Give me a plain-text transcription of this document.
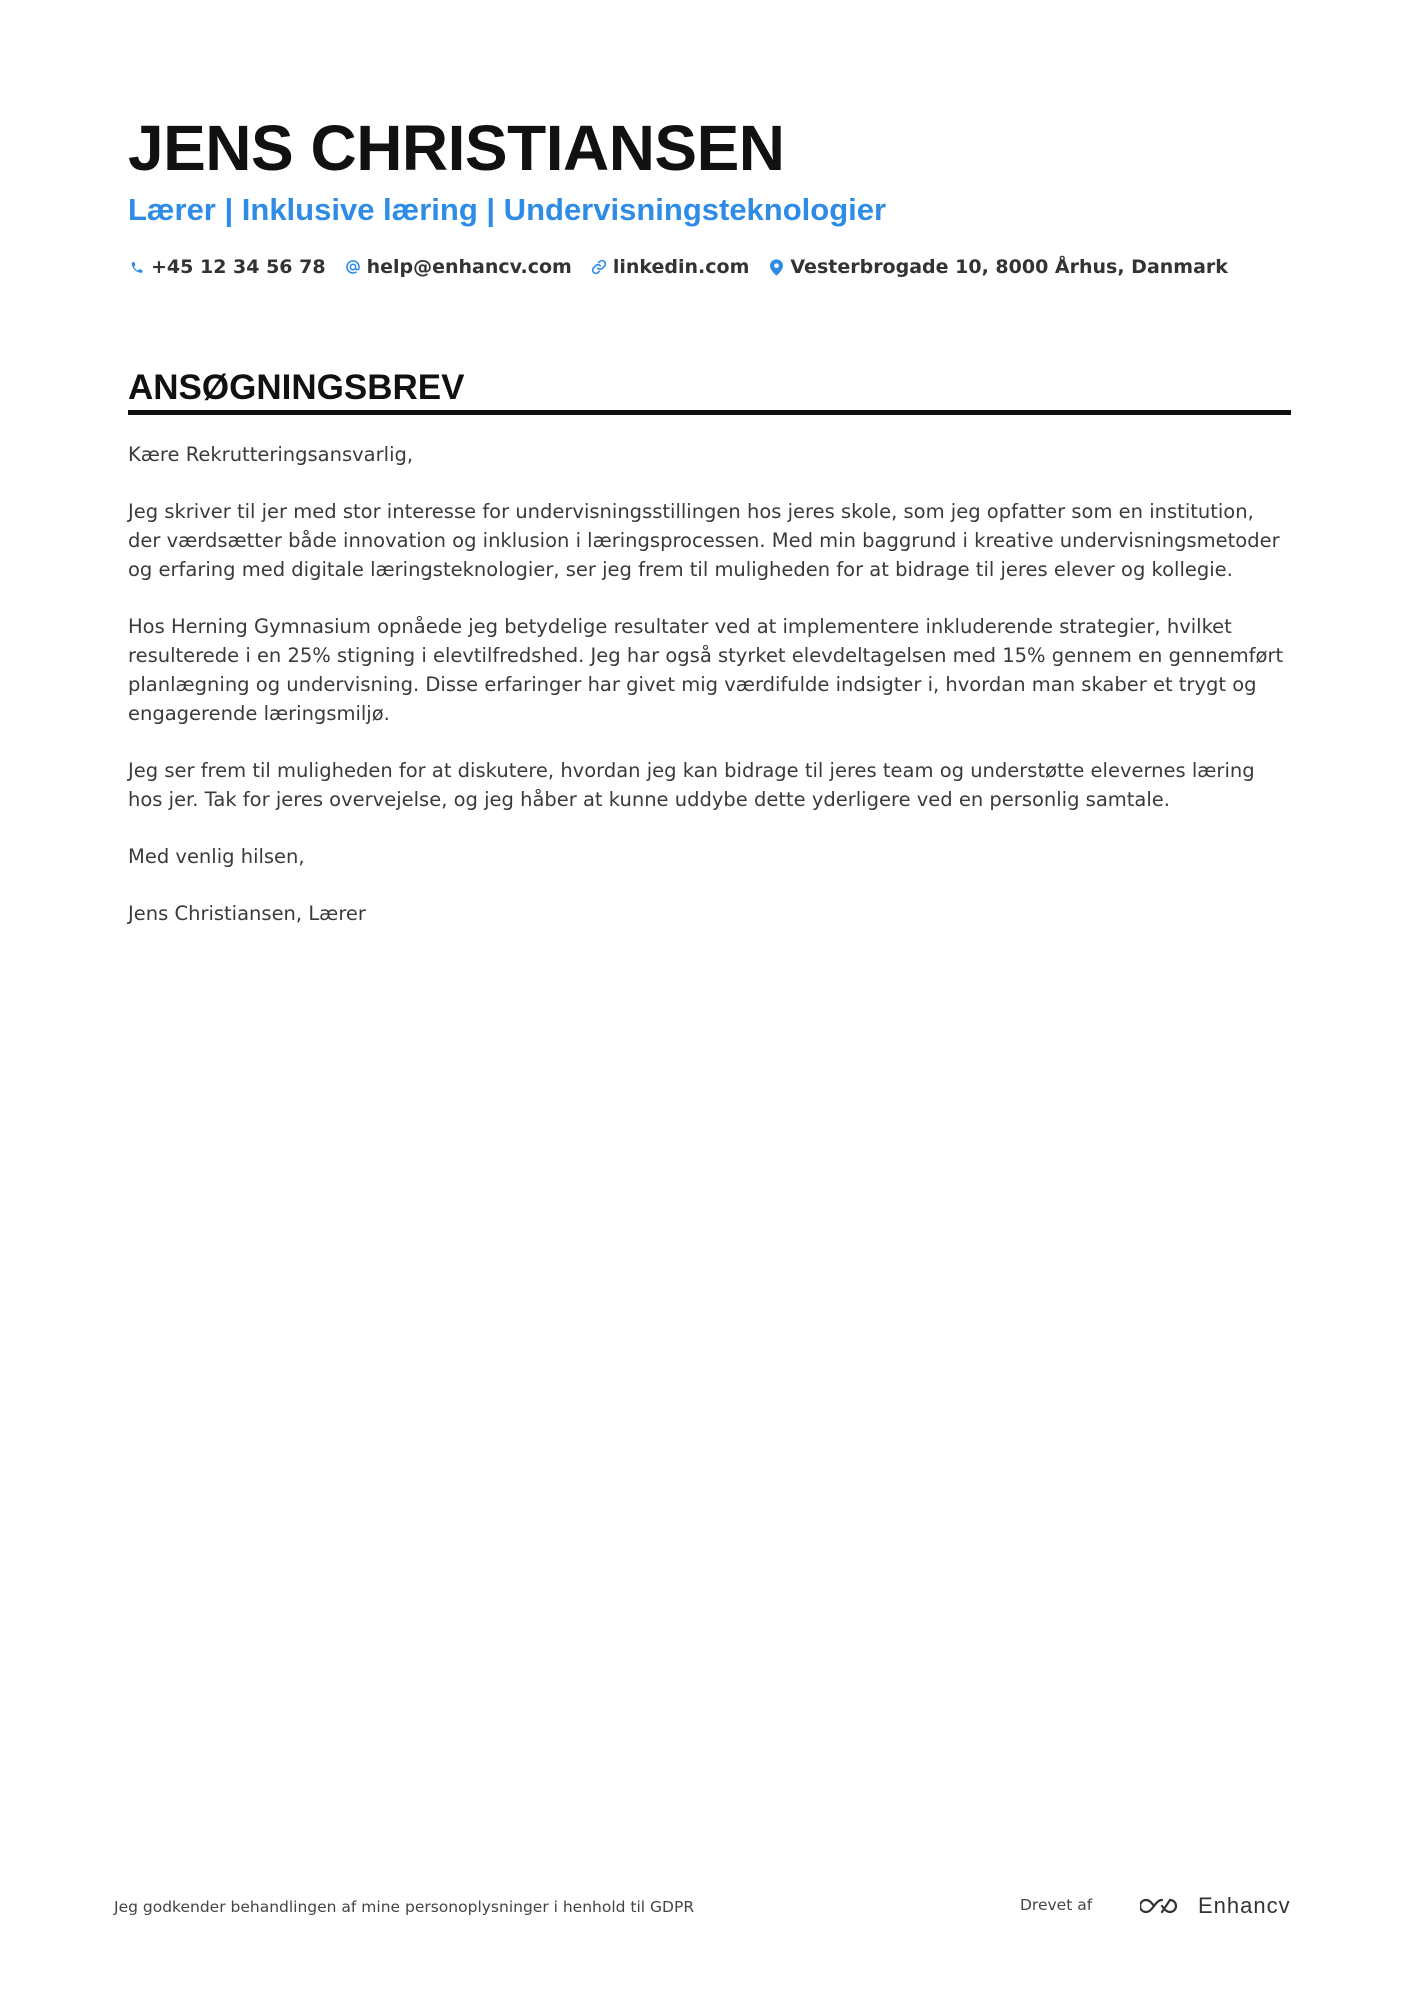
JENS CHRISTIANSEN
Lærer | Inklusive læring | Undervisningsteknologier
+45 12 34 56 78 help@enhancv.com linkedin.com Vesterbrogade 10, 8000 Århus, Danmark
ANSØGNINGSBREV

Kære Rekrutteringsansvarlig,

Jeg skriver til jer med stor interesse for undervisningsstillingen hos jeres skole, som jeg opfatter som en institution, der værdsætter både innovation og inklusion i læringsprocessen. Med min baggrund i kreative undervisningsmetoder og erfaring med digitale læringsteknologier, ser jeg frem til muligheden for at bidrage til jeres elever og kollegie.

Hos Herning Gymnasium opnåede jeg betydelige resultater ved at implementere inkluderende strategier, hvilket resulterede i en 25% stigning i elevtilfredshed. Jeg har også styrket elevdeltagelsen med 15% gennem en gennemført planlægning og undervisning. Disse erfaringer har givet mig værdifulde indsigter i, hvordan man skaber et trygt og engagerende læringsmiljø.

Jeg ser frem til muligheden for at diskutere, hvordan jeg kan bidrage til jeres team og understøtte elevernes læring hos jer. Tak for jeres overvejelse, og jeg håber at kunne uddybe dette yderligere ved en personlig samtale.

Med venlig hilsen,

Jens Christiansen, Lærer

Jeg godkender behandlingen af mine personoplysninger i henhold til GDPR	Drevet af	Enhancv
